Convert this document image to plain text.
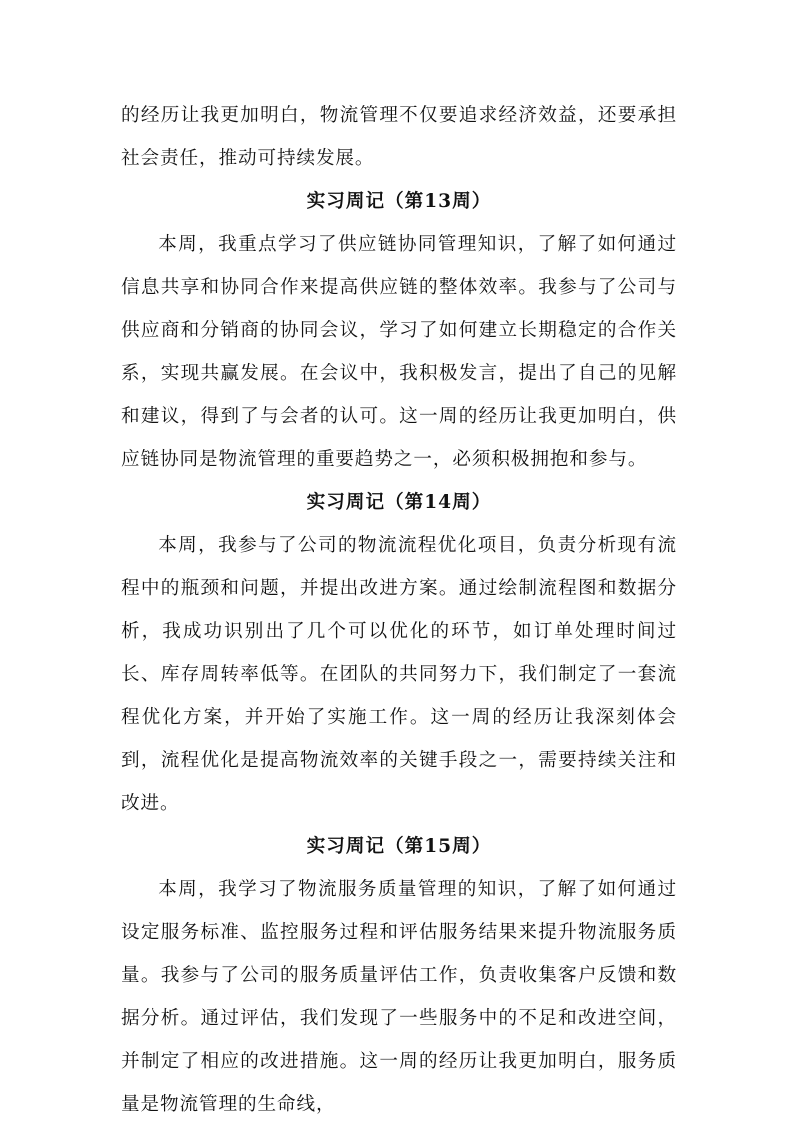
的经历让我更加明白，物流管理不仅要追求经济效益，还要承担社会责任，推动可持续发展。

实习周记（第13周）

本周，我重点学习了供应链协同管理知识，了解了如何通过信息共享和协同合作来提高供应链的整体效率。我参与了公司与供应商和分销商的协同会议，学习了如何建立长期稳定的合作关系，实现共赢发展。在会议中，我积极发言，提出了自己的见解和建议，得到了与会者的认可。这一周的经历让我更加明白，供应链协同是物流管理的重要趋势之一，必须积极拥抱和参与。

实习周记（第14周）

本周，我参与了公司的物流流程优化项目，负责分析现有流程中的瓶颈和问题，并提出改进方案。通过绘制流程图和数据分析，我成功识别出了几个可以优化的环节，如订单处理时间过长、库存周转率低等。在团队的共同努力下，我们制定了一套流程优化方案，并开始了实施工作。这一周的经历让我深刻体会到，流程优化是提高物流效率的关键手段之一，需要持续关注和改进。

实习周记（第15周）

本周，我学习了物流服务质量管理的知识，了解了如何通过设定服务标准、监控服务过程和评估服务结果来提升物流服务质量。我参与了公司的服务质量评估工作，负责收集客户反馈和数据分析。通过评估，我们发现了一些服务中的不足和改进空间，并制定了相应的改进措施。这一周的经历让我更加明白，服务质量是物流管理的生命线，
